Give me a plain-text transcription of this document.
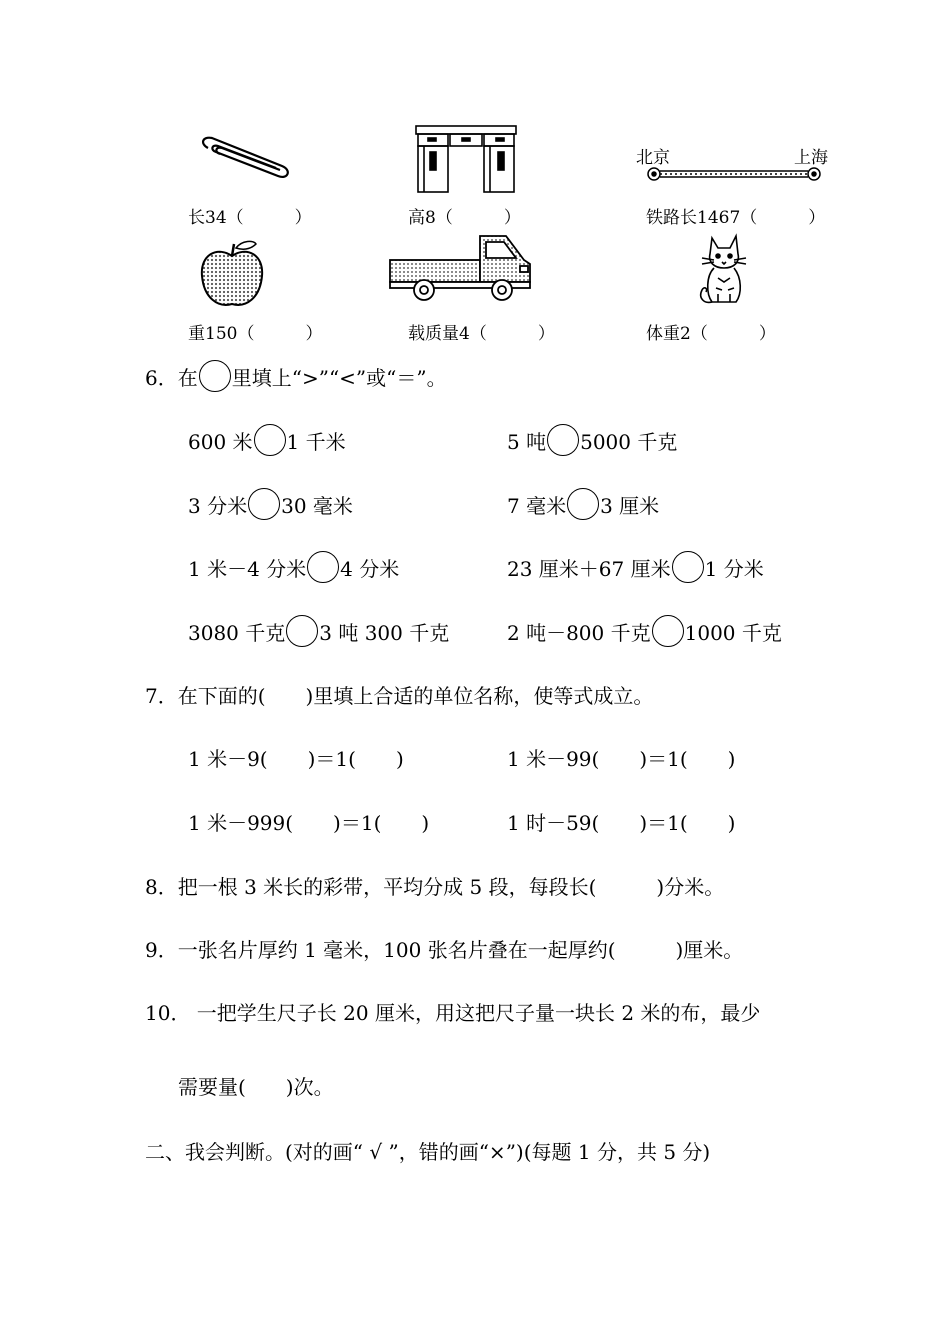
长34（　　　）	高8（　　　）
北京	上海
铁路长1467（　　　）
重150（　　　）	载质量4（　　　）	体重2（　　　）
6．在 里填上“>”“<”或“＝”。
600 米 1 千米	5 吨 5000 千克
3 分米 30 毫米	7 毫米 3 厘米
1 米－4 分米 4 分米	23 厘米＋67 厘米 1 分米
3080 千克 3 吨 300 千克	2 吨－800 千克 1000 千克
7．在下面的(　　)里填上合适的单位名称，使等式成立。
1 米－9(　　)＝1(　　)	1 米－99(　　)＝1(　　)
1 米－999(　　)＝1(　　)	1 时－59(　　)＝1(　　)
8．把一根 3 米长的彩带，平均分成 5 段，每段长(　　　)分米。
9．一张名片厚约 1 毫米，100 张名片叠在一起厚约(　　　)厘米。
10． 一把学生尺子长 20 厘米，用这把尺子量一块长 2 米的布，最少
需要量(　　)次。
二、我会判断。(对的画“ √ ”，错的画“×”)(每题 1 分，共 5 分)
